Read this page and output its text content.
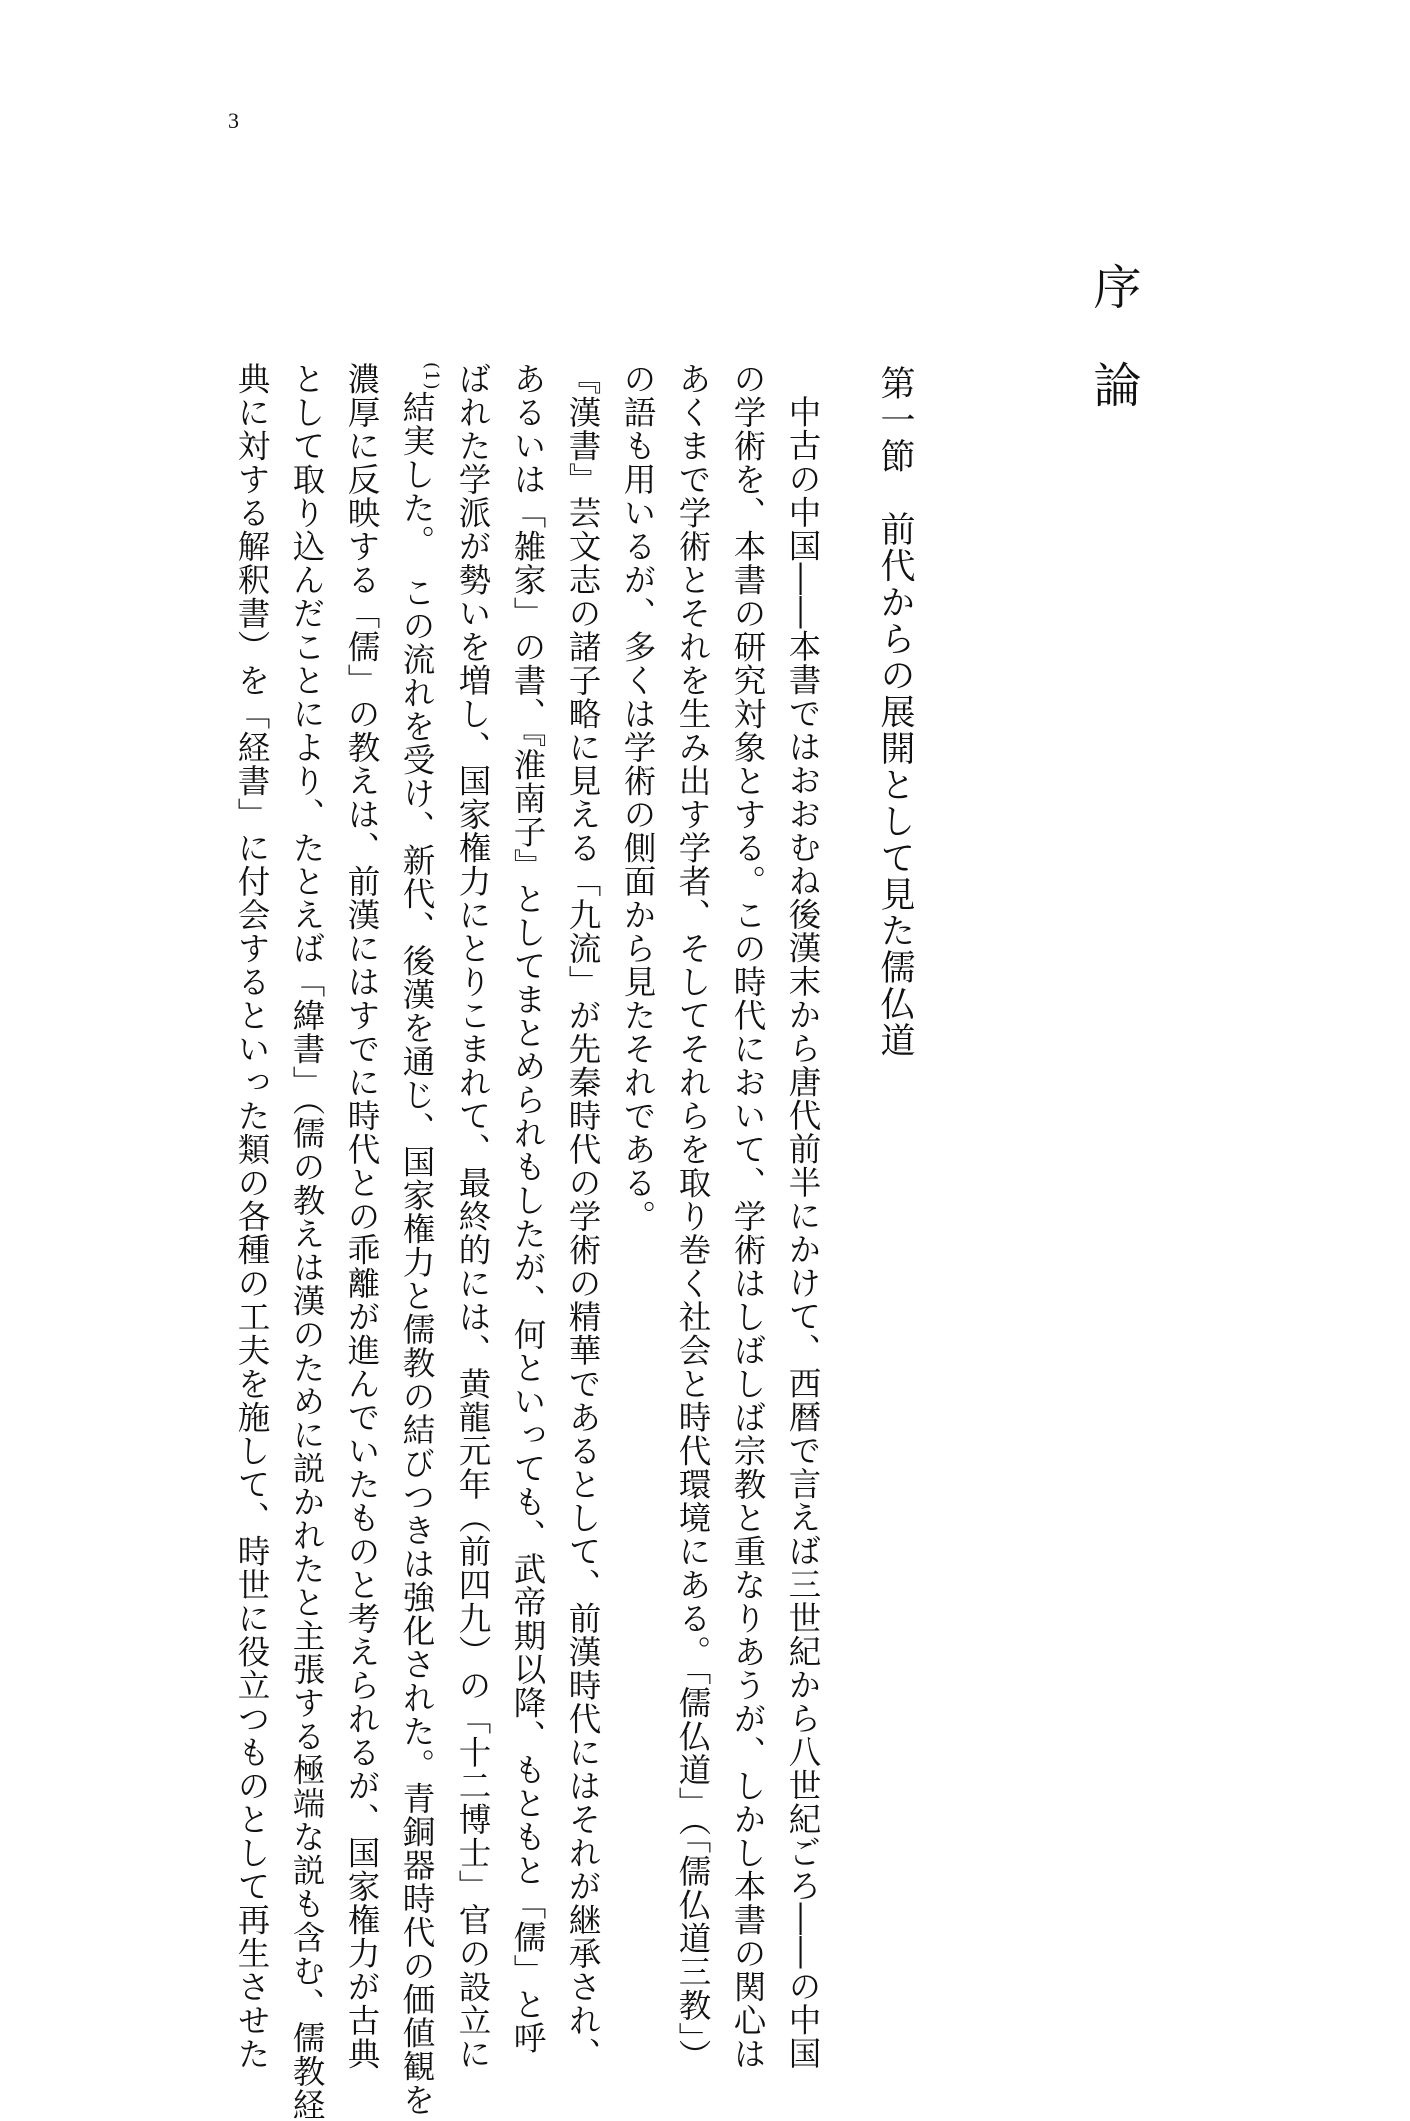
3
序論
第一節　前代からの展開として見た儒仏道
中古の中国――本書ではおおむね後漢末から唐代前半にかけて、西暦で言えば三世紀から八世紀ごろ――の中国
の学術を、本書の研究対象とする。この時代において、学術はしばしば宗教と重なりあうが、しかし本書の関心は
あくまで学術とそれを生み出す学者、そしてそれらを取り巻く社会と時代環境にある。「儒仏道」（「儒仏道三教」）
の語も用いるが、多くは学術の側面から見たそれである。
『漢書』芸文志の諸子略に見える「九流」が先秦時代の学術の精華であるとして、前漢時代にはそれが継承され、
あるいは「雑家」の書、『淮南子』としてまとめられもしたが、何といっても、武帝期以降、もともと「儒」と呼
ばれた学派が勢いを増し、国家権力にとりこまれて、最終的には、黄龍元年（前四九）の「十二博士」官の設立に
(1)結実した。　この流れを受け、新代、後漢を通じ、国家権力と儒教の結びつきは強化された。青銅器時代の価値観を
濃厚に反映する「儒」の教えは、前漢にはすでに時代との乖離が進んでいたものと考えられるが、国家権力が古典
として取り込んだことにより、たとえば「緯書」（儒の教えは漢のために説かれたと主張する極端な説も含む、儒教経
典に対する解釈書）を「経書」に付会するといった類の各種の工夫を施して、時世に役立つものとして再生させた
